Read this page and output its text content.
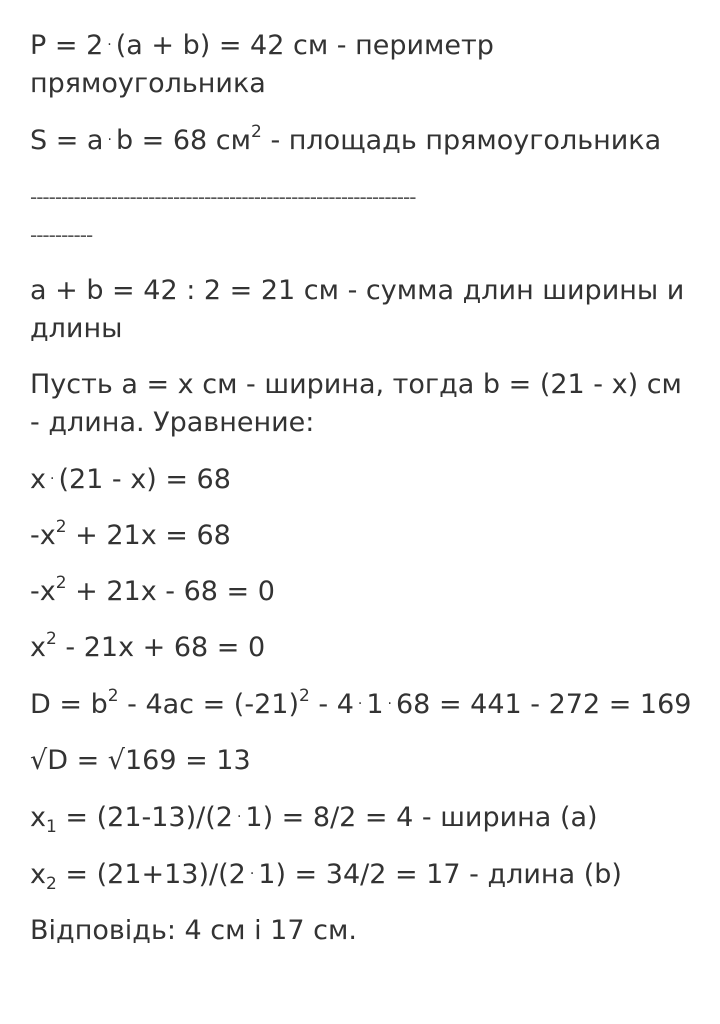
P = 2 · (a + b) = 42 см - периметр прямоугольника

S = a · b = 68 $см^2$ - площадь прямоугольника

--------------------------------------------------------------
----------

a + b = 42 : 2 = 21 см - сумма длин ширины и длины

Пусть a = x см - ширина, тогда b = (21 - x) см - длина. Уравнение:

x · (21 - x) = 68

$-x^2 + 21x = 68$

$-x^2 + 21x - 68 = 0$

$x^2 - 21x + 68 = 0$

$D = b^2 - 4ac = (-21)^2 - 4 \cdot 1 \cdot 68 = 441 - 272 = 169$

√D = √169 = 13

$x_1 = (21-13)/(2 \cdot 1) = 8/2 = 4$ - ширина (a)

$x_2 = (21+13)/(2 \cdot 1) = 34/2 = 17$ - длина (b)

Відповідь: 4 см і 17 см.
